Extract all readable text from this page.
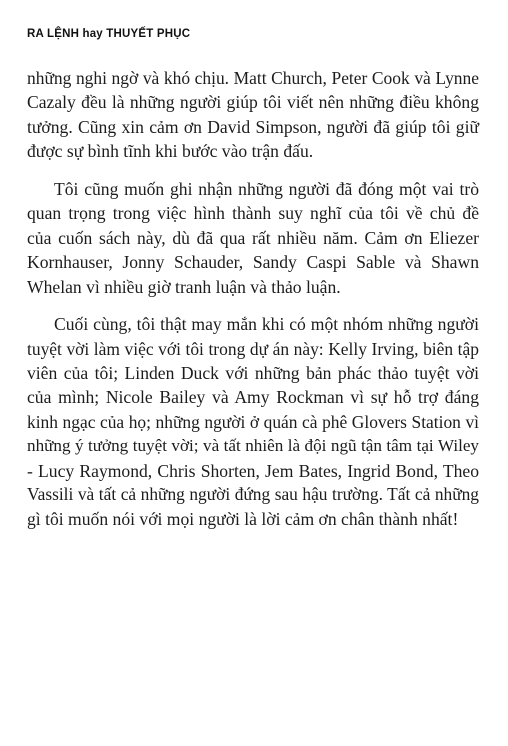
RA LỆNH hay THUYẾT PHỤC
những nghi ngờ và khó chịu. Matt Church, Peter Cook và Lynne
Cazaly đều là những người giúp tôi viết nên những điều không
tưởng. Cũng xin cảm ơn David Simpson, người đã giúp tôi giữ
được sự bình tĩnh khi bước vào trận đấu.
Tôi cũng muốn ghi nhận những người đã đóng một vai trò
quan trọng trong việc hình thành suy nghĩ của tôi về chủ đề
của cuốn sách này, dù đã qua rất nhiều năm. Cảm ơn Eliezer
Kornhauser, Jonny Schauder, Sandy Caspi Sable và Shawn
Whelan vì nhiều giờ tranh luận và thảo luận.
Cuối cùng, tôi thật may mắn khi có một nhóm những người
tuyệt vời làm việc với tôi trong dự án này: Kelly Irving, biên tập
viên của tôi; Linden Duck với những bản phác thảo tuyệt vời
của mình; Nicole Bailey và Amy Rockman vì sự hỗ trợ đáng
kinh ngạc của họ; những người ở quán cà phê Glovers Station vì
những ý tưởng tuyệt vời; và tất nhiên là đội ngũ tận tâm tại Wiley
- Lucy Raymond, Chris Shorten, Jem Bates, Ingrid Bond, Theo
Vassili và tất cả những người đứng sau hậu trường. Tất cả những
gì tôi muốn nói với mọi người là lời cảm ơn chân thành nhất!
